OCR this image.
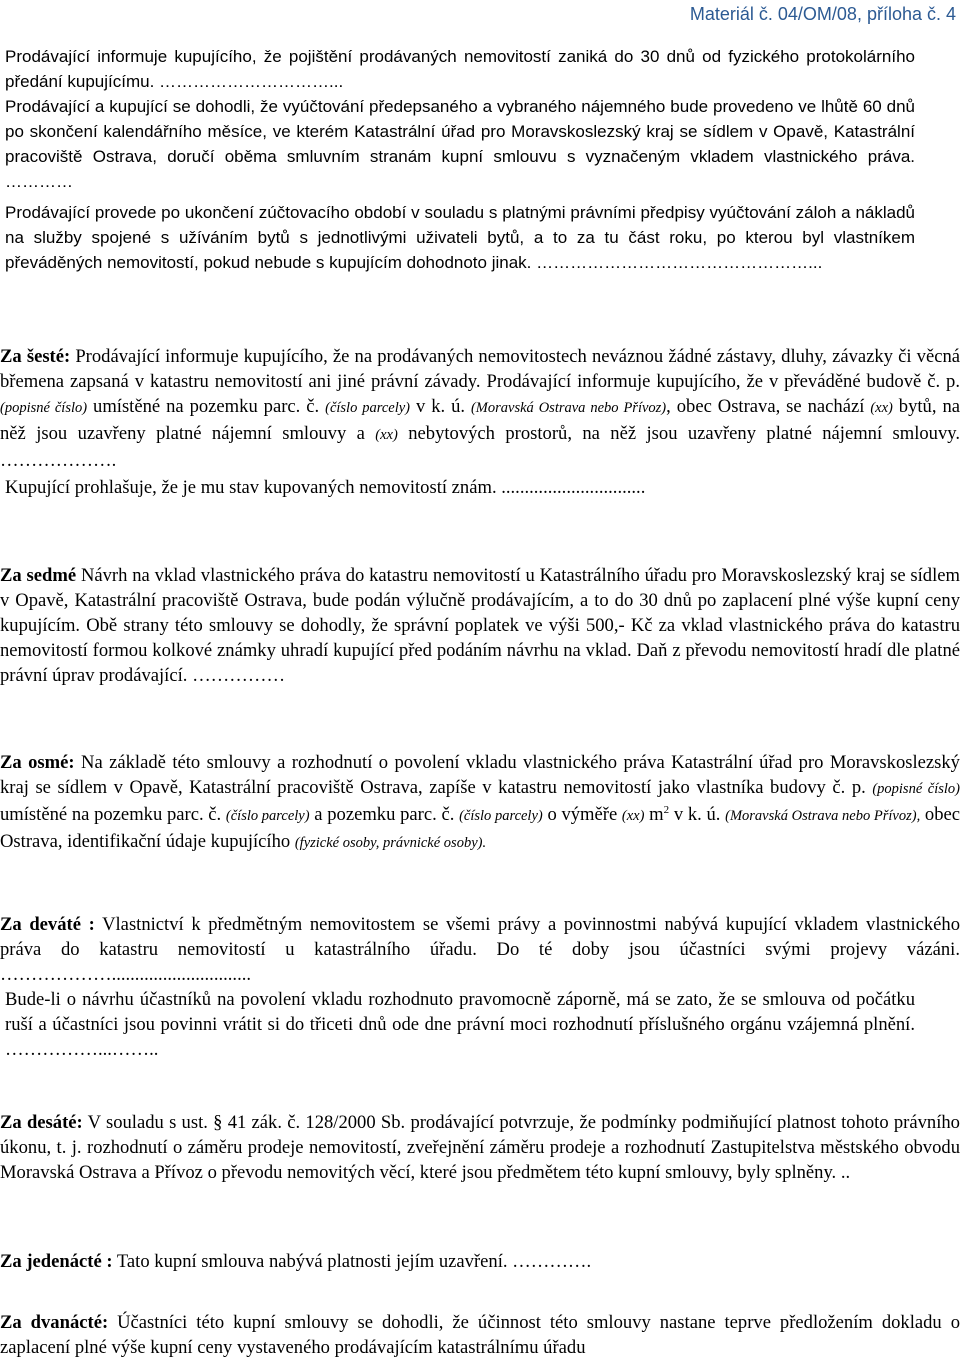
Materiál č. 04/OM/08, příloha č. 4

Prodávající informuje kupujícího, že pojištění prodávaných nemovitostí zaniká do 30 dnů od fyzického protokolárního předání kupujícímu. …………………………...

Prodávající a kupující se dohodli, že vyúčtování předepsaného a vybraného nájemného bude provedeno ve lhůtě 60 dnů po skončení kalendářního měsíce, ve kterém Katastrální úřad pro Moravskoslezský kraj se sídlem v Opavě, Katastrální pracoviště Ostrava, doručí oběma smluvním stranám kupní smlouvu s vyznačeným vkladem vlastnického práva. …………

Prodávající provede po ukončení zúčtovacího období v souladu s platnými právními předpisy vyúčtování záloh a nákladů na služby spojené s užíváním bytů s jednotlivými uživateli bytů, a to za tu část roku, po kterou byl vlastníkem převáděných nemovitostí, pokud nebude s kupujícím dohodnoto jinak. …………………………………………...

Za šesté: Prodávající informuje kupujícího, že na prodávaných nemovitostech neváznou žádné zástavy, dluhy, závazky či věcná břemena zapsaná v katastru nemovitostí ani jiné právní závady. Prodávající informuje kupujícího, že v převáděné budově č. p.(popisné číslo) umístěné na pozemku parc. č. (číslo parcely) v k. ú. (Moravská Ostrava nebo Přívoz), obec Ostrava, se nachází (xx) bytů, na něž jsou uzavřeny platné nájemní smlouvy a (xx) nebytových prostorů, na něž jsou uzavřeny platné nájemní smlouvy. ……………….

Kupující prohlašuje, že je mu stav kupovaných nemovitostí znám. ...............................

Za sedmé Návrh na vklad vlastnického práva do katastru nemovitostí u Katastrálního úřadu pro Moravskoslezský kraj se sídlem v Opavě, Katastrální pracoviště Ostrava, bude podán výlučně prodávajícím, a to do 30 dnů po zaplacení plné výše kupní ceny kupujícím. Obě strany této smlouvy se dohodly, že správní poplatek ve výši 500,- Kč za vklad vlastnického práva do katastru nemovitostí formou kolkové známky uhradí kupující před podáním návrhu na vklad. Daň z převodu nemovitostí hradí dle platné právní úprav prodávající. ……………

Za osmé: Na základě této smlouvy a rozhodnutí o povolení vkladu vlastnického práva Katastrální úřad pro Moravskoslezský kraj se sídlem v Opavě, Katastrální pracoviště Ostrava, zapíše v katastru nemovitostí jako vlastníka budovy č. p. (popisné číslo) umístěné na pozemku parc. č. (číslo parcely) a pozemku parc. č. (číslo parcely) o výměře (xx) $m^2$ v k. ú. (Moravská Ostrava nebo Přívoz), obec Ostrava, identifikační údaje kupujícího (fyzické osoby, právnické osoby).

Za deváté : Vlastnictví k předmětným nemovitostem se všemi právy a povinnostmi nabývá kupující vkladem vlastnického práva do katastru nemovitostí u katastrálního úřadu. Do té doby jsou účastníci svými projevy vázáni. ………………..............................

Bude-li o návrhu účastníků na povolení vkladu rozhodnuto pravomocně záporně, má se zato, že se smlouva od počátku ruší a účastníci jsou povinni vrátit si do třiceti dnů ode dne právní moci rozhodnutí příslušného orgánu vzájemná plnění. ……………...……..

Za desáté: V souladu s ust. § 41 zák. č. 128/2000 Sb. prodávající potvrzuje, že podmínky podmiňující platnost tohoto právního úkonu, t. j. rozhodnutí o záměru prodeje nemovitostí, zveřejnění záměru prodeje a rozhodnutí Zastupitelstva městského obvodu Moravská Ostrava a Přívoz o převodu nemovitých věcí, které jsou předmětem této kupní smlouvy, byly splněny. ..

Za jedenácté : Tato kupní smlouva nabývá platnosti jejím uzavření. ………….

Za dvanácté: Účastníci této kupní smlouvy se dohodli, že účinnost této smlouvy nastane teprve předložením dokladu o zaplacení plné výše kupní ceny vystaveného prodávajícím katastrálnímu úřadu
